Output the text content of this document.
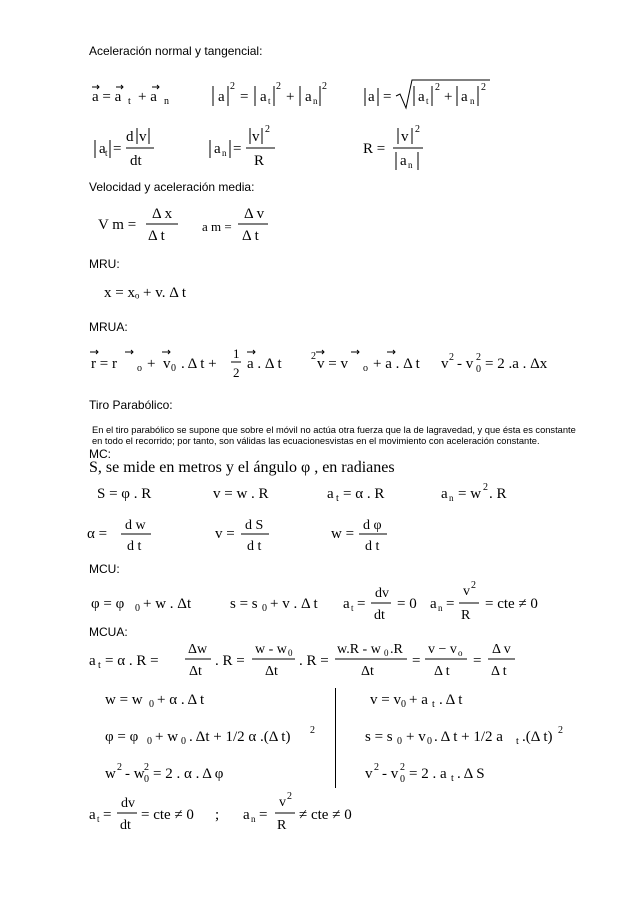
Aceleración normal y tangencial:
a = a t + a n	a
2
= a t
2
+ a n
2
a = a t
2
+ a n
2
a t =
d v
dt
a n =
v 2
R
R =
v 2
a n
Velocidad y aceleración media:
V m =
Δ x
Δ t
a m =
Δ v
Δ t
MRU:
x = xₒ + v. Δ t
MRUA:
r = r o + v 0 . Δ t +
1
2
a . Δ t	2 v = v o + a . Δ t v 2 - v 2
0 = 2 .a . Δx
Tiro Parabólico:
En el tiro parabólico se supone que sobre el móvil no actúa otra fuerza que la de lagravedad, y que ésta es constante
en todo el recorrido; por tanto, son válidas las ecuacionesvistas en el movimiento con aceleración constante.
MC:
S, se mide en metros y el ángulo φ , en radianes
S = φ . R	v = w . R	a t = α . R	a n = w 2 . R
α =
d w
d t
v =
d S
d t
w =
d φ
d t
MCU:
φ = φ 0 + w . Δt	s = s 0 + v . Δ t a t =
dv
dt
= 0 a n =
v 2
R
= cte ≠ 0
MCUA:
a t = α . R =
Δw
Δt
. R =
w - w 0
Δt
. R =
w.R - w 0 .R
Δt
=
v − v o
Δ t
=
Δ v
Δ t
w = w 0 + α . Δ t
φ = φ 0 + w 0 . Δt + 1/2 α .(Δ t) 2
w 2 - w 2
0 = 2 . α . Δ φ
v = v 0 + a t . Δ t
s = s 0 + v 0 . Δ t + 1/2 a t .(Δ t) 2
v 2 - v 2
0 = 2 . a t . Δ S
a t =
dv
dt
= cte ≠ 0 ; a n =
v 2
R
≠ cte ≠ 0
